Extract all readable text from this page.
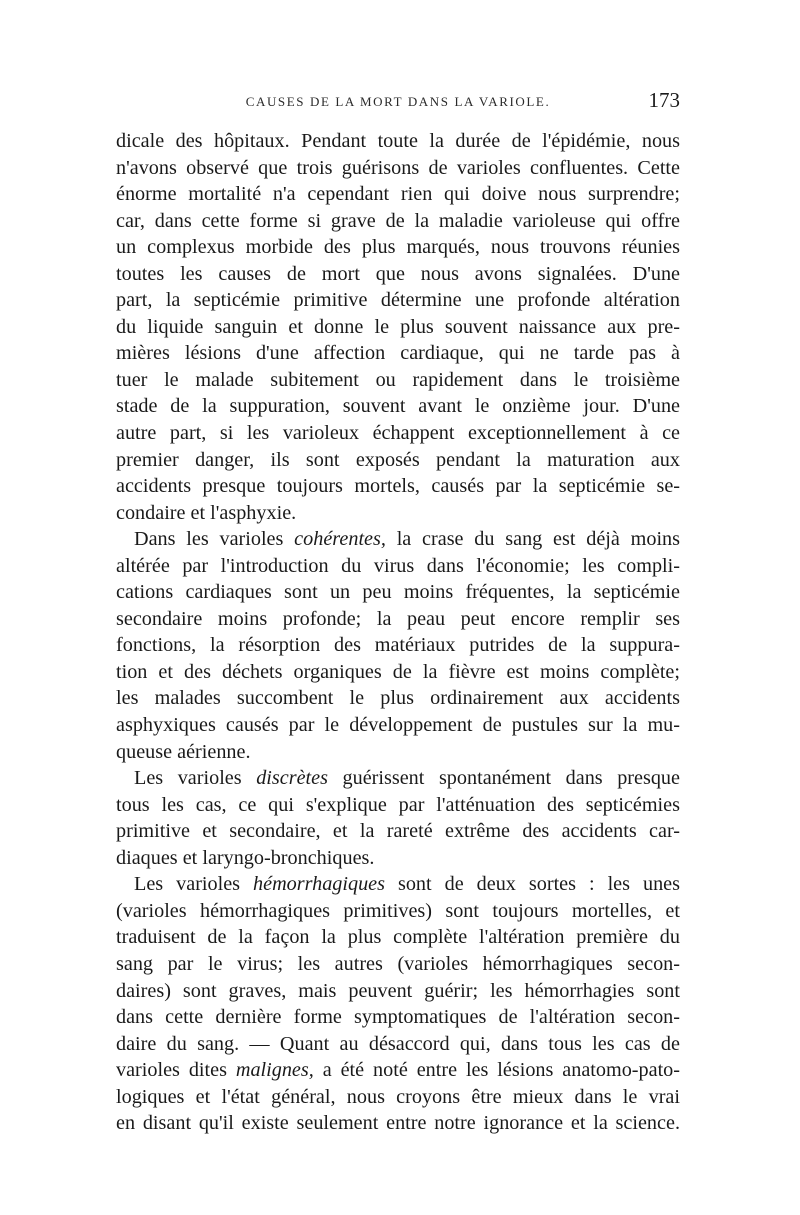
CAUSES DE LA MORT DANS LA VARIOLE.	173
dicale des hôpitaux. Pendant toute la durée de l'épidémie, nous
n'avons observé que trois guérisons de varioles confluentes. Cette
énorme mortalité n'a cependant rien qui doive nous surprendre;
car, dans cette forme si grave de la maladie varioleuse qui offre
un complexus morbide des plus marqués, nous trouvons réunies
toutes les causes de mort que nous avons signalées. D'une
part, la septicémie primitive détermine une profonde altération
du liquide sanguin et donne le plus souvent naissance aux pre-
mières lésions d'une affection cardiaque, qui ne tarde pas à
tuer le malade subitement ou rapidement dans le troisième
stade de la suppuration, souvent avant le onzième jour. D'une
autre part, si les varioleux échappent exceptionnellement à ce
premier danger, ils sont exposés pendant la maturation aux
accidents presque toujours mortels, causés par la septicémie se-
condaire et l'asphyxie.
Dans les varioles cohérentes, la crase du sang est déjà moins
altérée par l'introduction du virus dans l'économie; les compli-
cations cardiaques sont un peu moins fréquentes, la septicémie
secondaire moins profonde; la peau peut encore remplir ses
fonctions, la résorption des matériaux putrides de la suppura-
tion et des déchets organiques de la fièvre est moins complète;
les malades succombent le plus ordinairement aux accidents
asphyxiques causés par le développement de pustules sur la mu-
queuse aérienne.
Les varioles discrètes guérissent spontanément dans presque
tous les cas, ce qui s'explique par l'atténuation des septicémies
primitive et secondaire, et la rareté extrême des accidents car-
diaques et laryngo-bronchiques.
Les varioles hémorrhagiques sont de deux sortes : les unes
(varioles hémorrhagiques primitives) sont toujours mortelles, et
traduisent de la façon la plus complète l'altération première du
sang par le virus; les autres (varioles hémorrhagiques secon-
daires) sont graves, mais peuvent guérir; les hémorrhagies sont
dans cette dernière forme symptomatiques de l'altération secon-
daire du sang. — Quant au désaccord qui, dans tous les cas de
varioles dites malignes, a été noté entre les lésions anatomo-pato-
logiques et l'état général, nous croyons être mieux dans le vrai
en disant qu'il existe seulement entre notre ignorance et la science.
